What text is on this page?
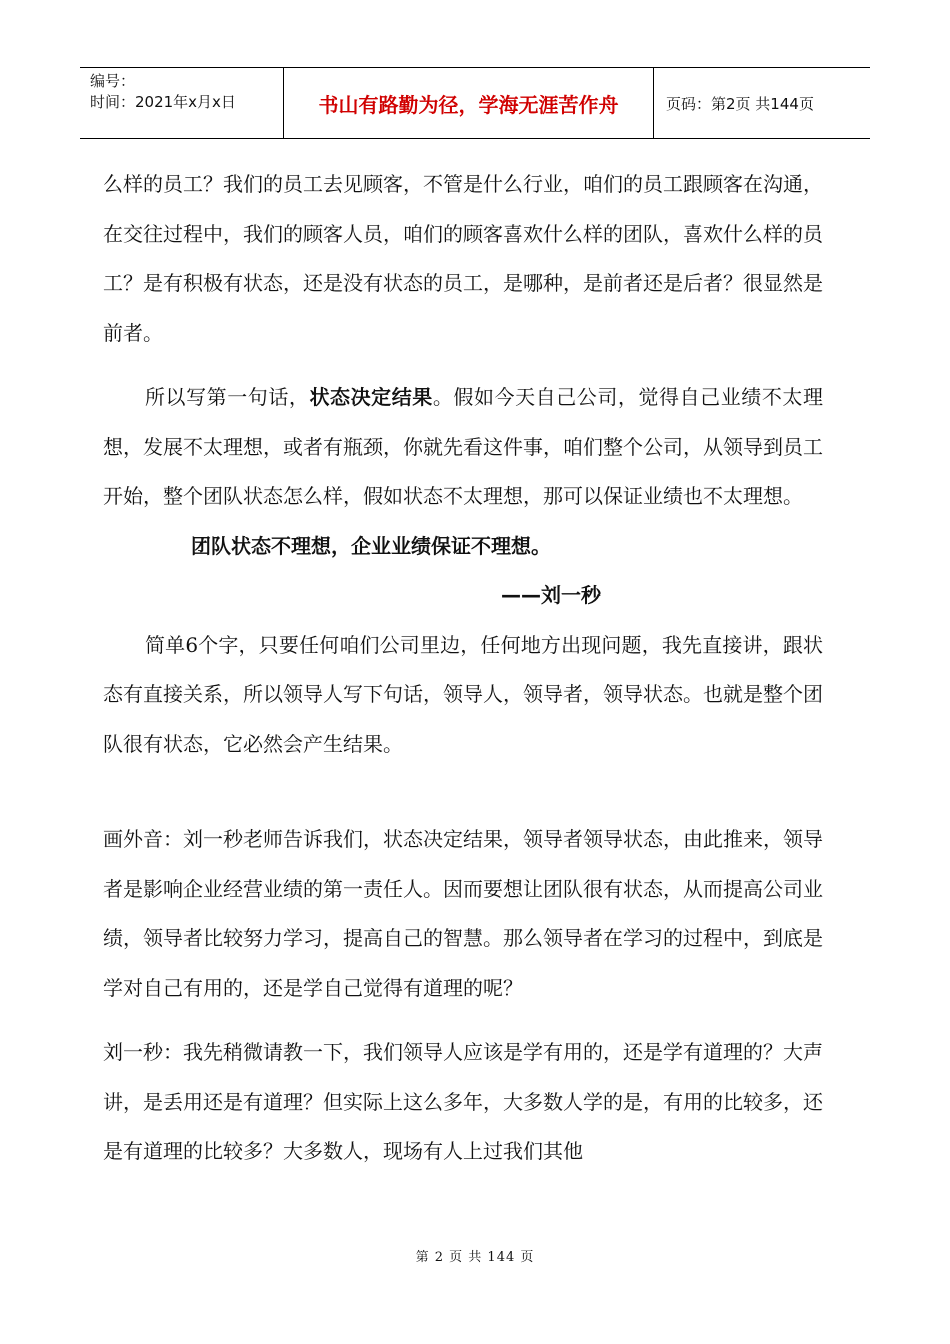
编号：
时间：2021年x月x日	书山有路勤为径，学海无涯苦作舟	页码：第2页 共144页

么样的员工？我们的员工去见顾客，不管是什么行业，咱们的员工跟顾客在沟通，在交往过程中，我们的顾客人员，咱们的顾客喜欢什么样的团队，喜欢什么样的员工？是有积极有状态，还是没有状态的员工，是哪种，是前者还是后者？很显然是前者。

所以写第一句话，状态决定结果。假如今天自己公司，觉得自己业绩不太理想，发展不太理想，或者有瓶颈，你就先看这件事，咱们整个公司，从领导到员工开始，整个团队状态怎么样，假如状态不太理想，那可以保证业绩也不太理想。

团队状态不理想，企业业绩保证不理想。

——刘一秒

简单6个字，只要任何咱们公司里边，任何地方出现问题，我先直接讲，跟状态有直接关系，所以领导人写下句话，领导人，领导者，领导状态。也就是整个团队很有状态，它必然会产生结果。

画外音：刘一秒老师告诉我们，状态决定结果，领导者领导状态，由此推来，领导者是影响企业经营业绩的第一责任人。因而要想让团队很有状态，从而提高公司业绩，领导者比较努力学习，提高自己的智慧。那么领导者在学习的过程中，到底是学对自己有用的，还是学自己觉得有道理的呢？

刘一秒：我先稍微请教一下，我们领导人应该是学有用的，还是学有道理的？大声讲，是丢用还是有道理？但实际上这么多年，大多数人学的是，有用的比较多，还是有道理的比较多？大多数人，现场有人上过我们其他

第 2 页 共 144 页
